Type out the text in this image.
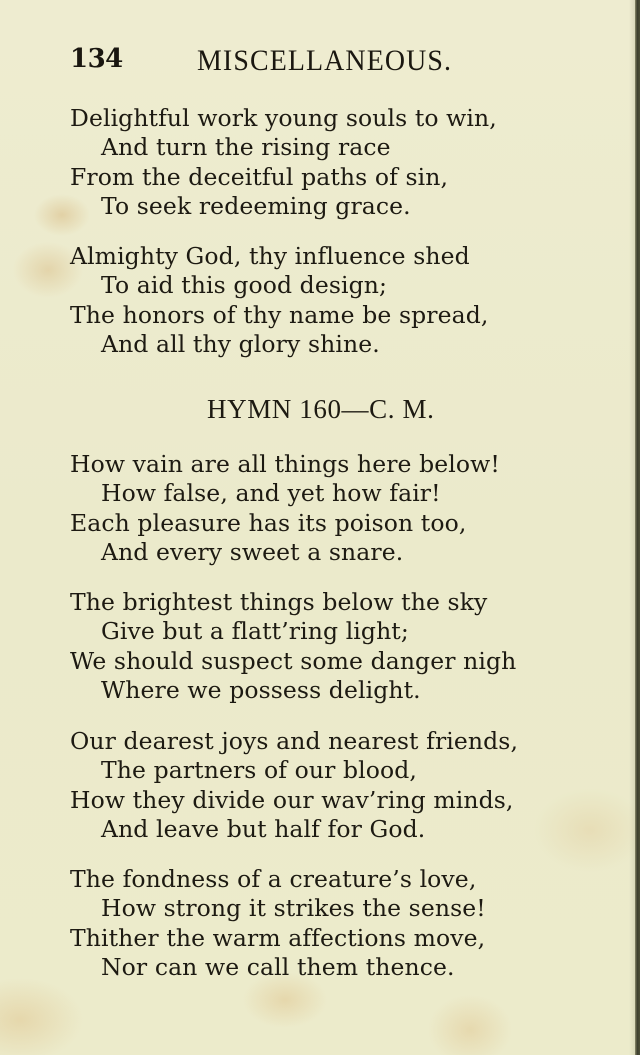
134 MISCELLANEOUS.
Delightful work young souls to win,
And turn the rising race
From the deceitful paths of sin,
To seek redeeming grace.
Almighty God, thy influence shed
To aid this good design;
The honors of thy name be spread,
And all thy glory shine.
HYMN 160—C. M.
How vain are all things here below!
How false, and yet how fair!
Each pleasure has its poison too,
And every sweet a snare.
The brightest things below the sky
Give but a flatt’ring light;
We should suspect some danger nigh
Where we possess delight.
Our dearest joys and nearest friends,
The partners of our blood,
How they divide our wav’ring minds,
And leave but half for God.
The fondness of a creature’s love,
How strong it strikes the sense!
Thither the warm affections move,
Nor can we call them thence.
